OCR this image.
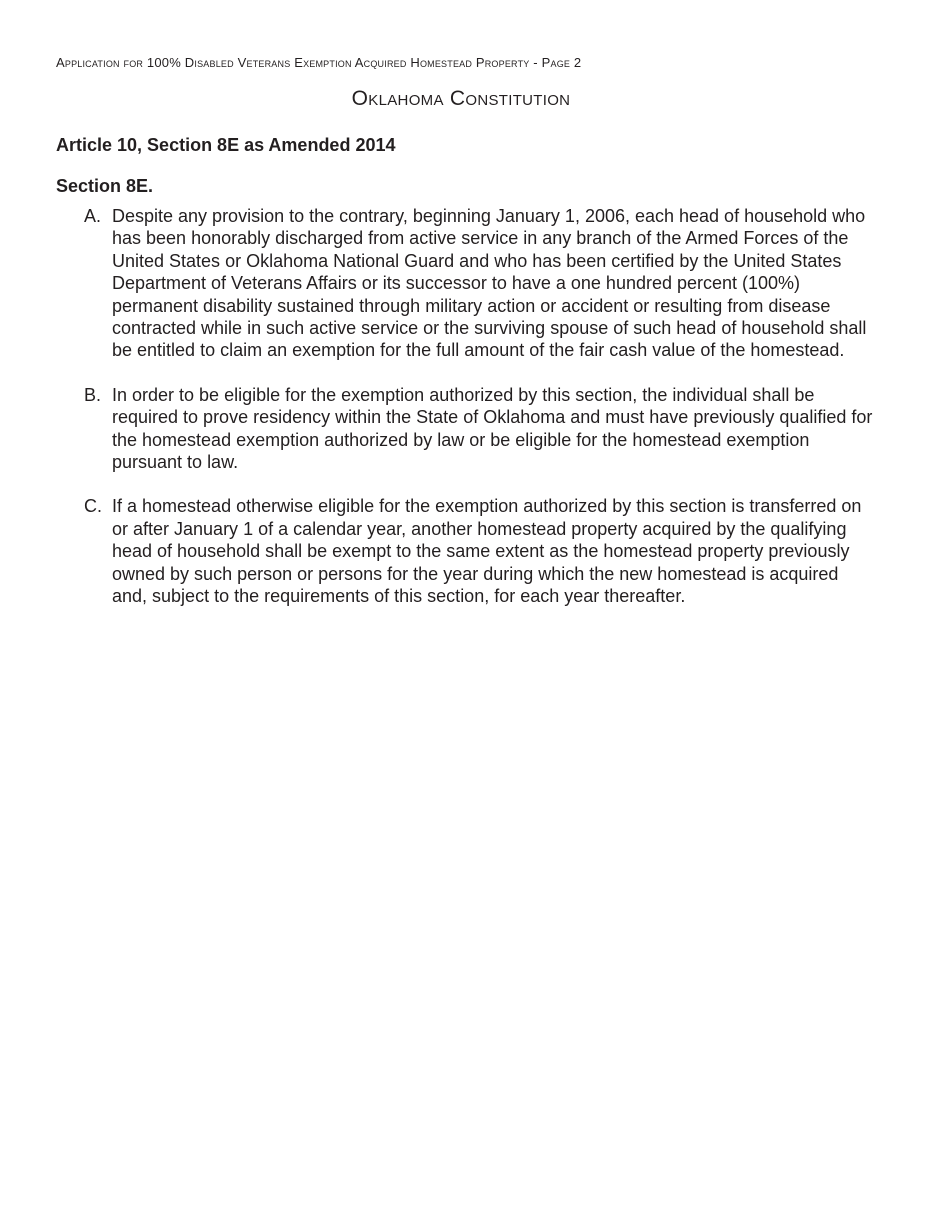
Application for 100% Disabled Veterans Exemption Acquired Homestead Property - Page 2
Oklahoma Constitution
Article 10, Section 8E as Amended 2014
Section 8E.
A. Despite any provision to the contrary, beginning January 1, 2006, each head of household who has been honorably discharged from active service in any branch of the Armed Forces of the United States or Oklahoma National Guard and who has been certified by the United States Department of Veterans Affairs or its successor to have a one hundred percent (100%) permanent disability sustained through military action or accident or resulting from disease contracted while in such active service or the surviving spouse of such head of household shall be entitled to claim an exemption for the full amount of the fair cash value of the homestead.
B. In order to be eligible for the exemption authorized by this section, the individual shall be required to prove residency within the State of Oklahoma and must have previously qualified for the homestead exemption authorized by law or be eligible for the homestead exemption pursuant to law.
C. If a homestead otherwise eligible for the exemption authorized by this section is transferred on or after January 1 of a calendar year, another homestead property acquired by the qualifying head of household shall be exempt to the same extent as the homestead property previously owned by such person or persons for the year during which the new homestead is acquired and, subject to the requirements of this section, for each year thereafter.
